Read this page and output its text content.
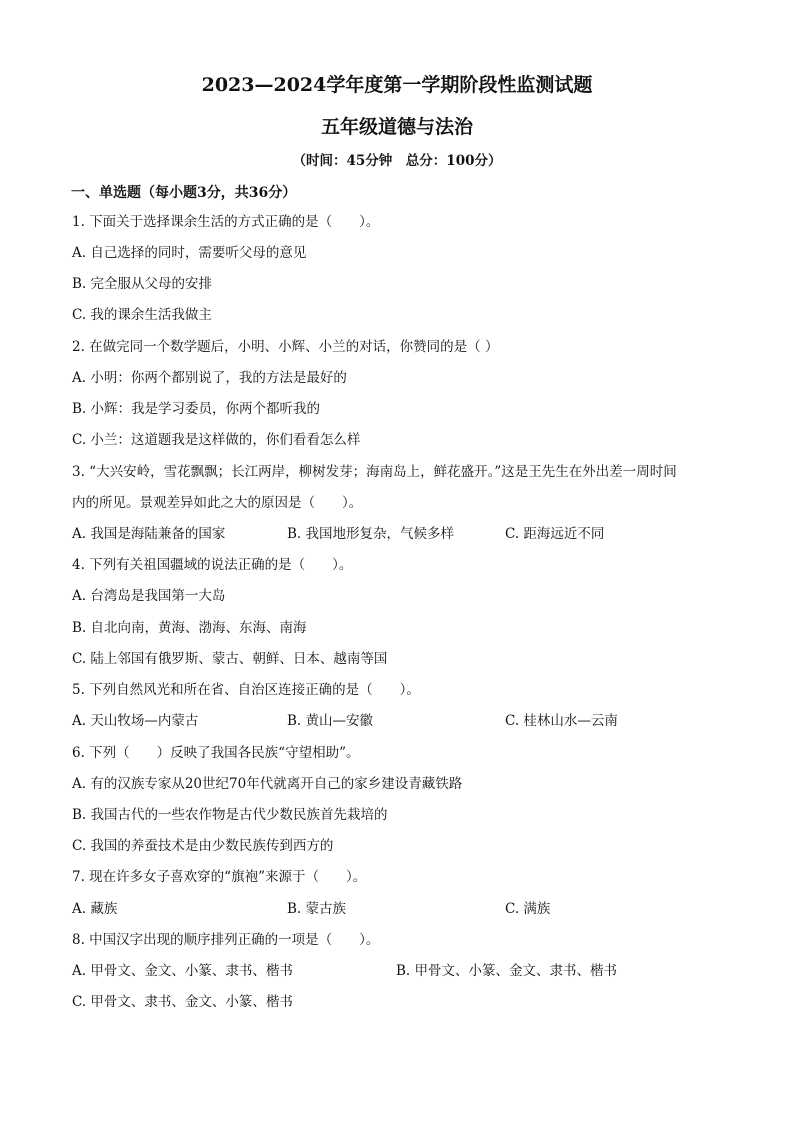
2023—2024学年度第一学期阶段性监测试题
五年级道德与法治
（时间：45分钟　总分：100分）
一、单选题（每小题3分，共36分）
1. 下面关于选择课余生活的方式正确的是（　　）。
A. 自己选择的同时，需要听父母的意见
B. 完全服从父母的安排
C. 我的课余生活我做主
2. 在做完同一个数学题后，小明、小辉、小兰的对话，你赞同的是（ ）
A. 小明：你两个都别说了，我的方法是最好的
B. 小辉：我是学习委员，你两个都听我的
C. 小兰：这道题我是这样做的，你们看看怎么样
3. “大兴安岭，雪花飘飘；长江两岸，柳树发芽；海南岛上，鲜花盛开。”这是王先生在外出差一周时间
内的所见。景观差异如此之大的原因是（　　）。
A. 我国是海陆兼备的国家	B. 我国地形复杂，气候多样	C. 距海远近不同
4. 下列有关祖国疆域的说法正确的是（　　）。
A. 台湾岛是我国第一大岛
B. 自北向南，黄海、渤海、东海、南海
C. 陆上邻国有俄罗斯、蒙古、朝鲜、日本、越南等国
5. 下列自然风光和所在省、自治区连接正确的是（　　）。
A. 天山牧场—内蒙古	B. 黄山—安徽	C. 桂林山水—云南
6. 下列（　　）反映了我国各民族“守望相助”。
A. 有的汉族专家从20世纪70年代就离开自己的家乡建设青藏铁路
B. 我国古代的一些农作物是古代少数民族首先栽培的
C. 我国的养蚕技术是由少数民族传到西方的
7. 现在许多女子喜欢穿的“旗袍”来源于（　　）。
A. 藏族	B. 蒙古族	C. 满族
8. 中国汉字出现的顺序排列正确的一项是（　　）。
A. 甲骨文、金文、小篆、隶书、楷书	B. 甲骨文、小篆、金文、隶书、楷书
C. 甲骨文、隶书、金文、小篆、楷书
